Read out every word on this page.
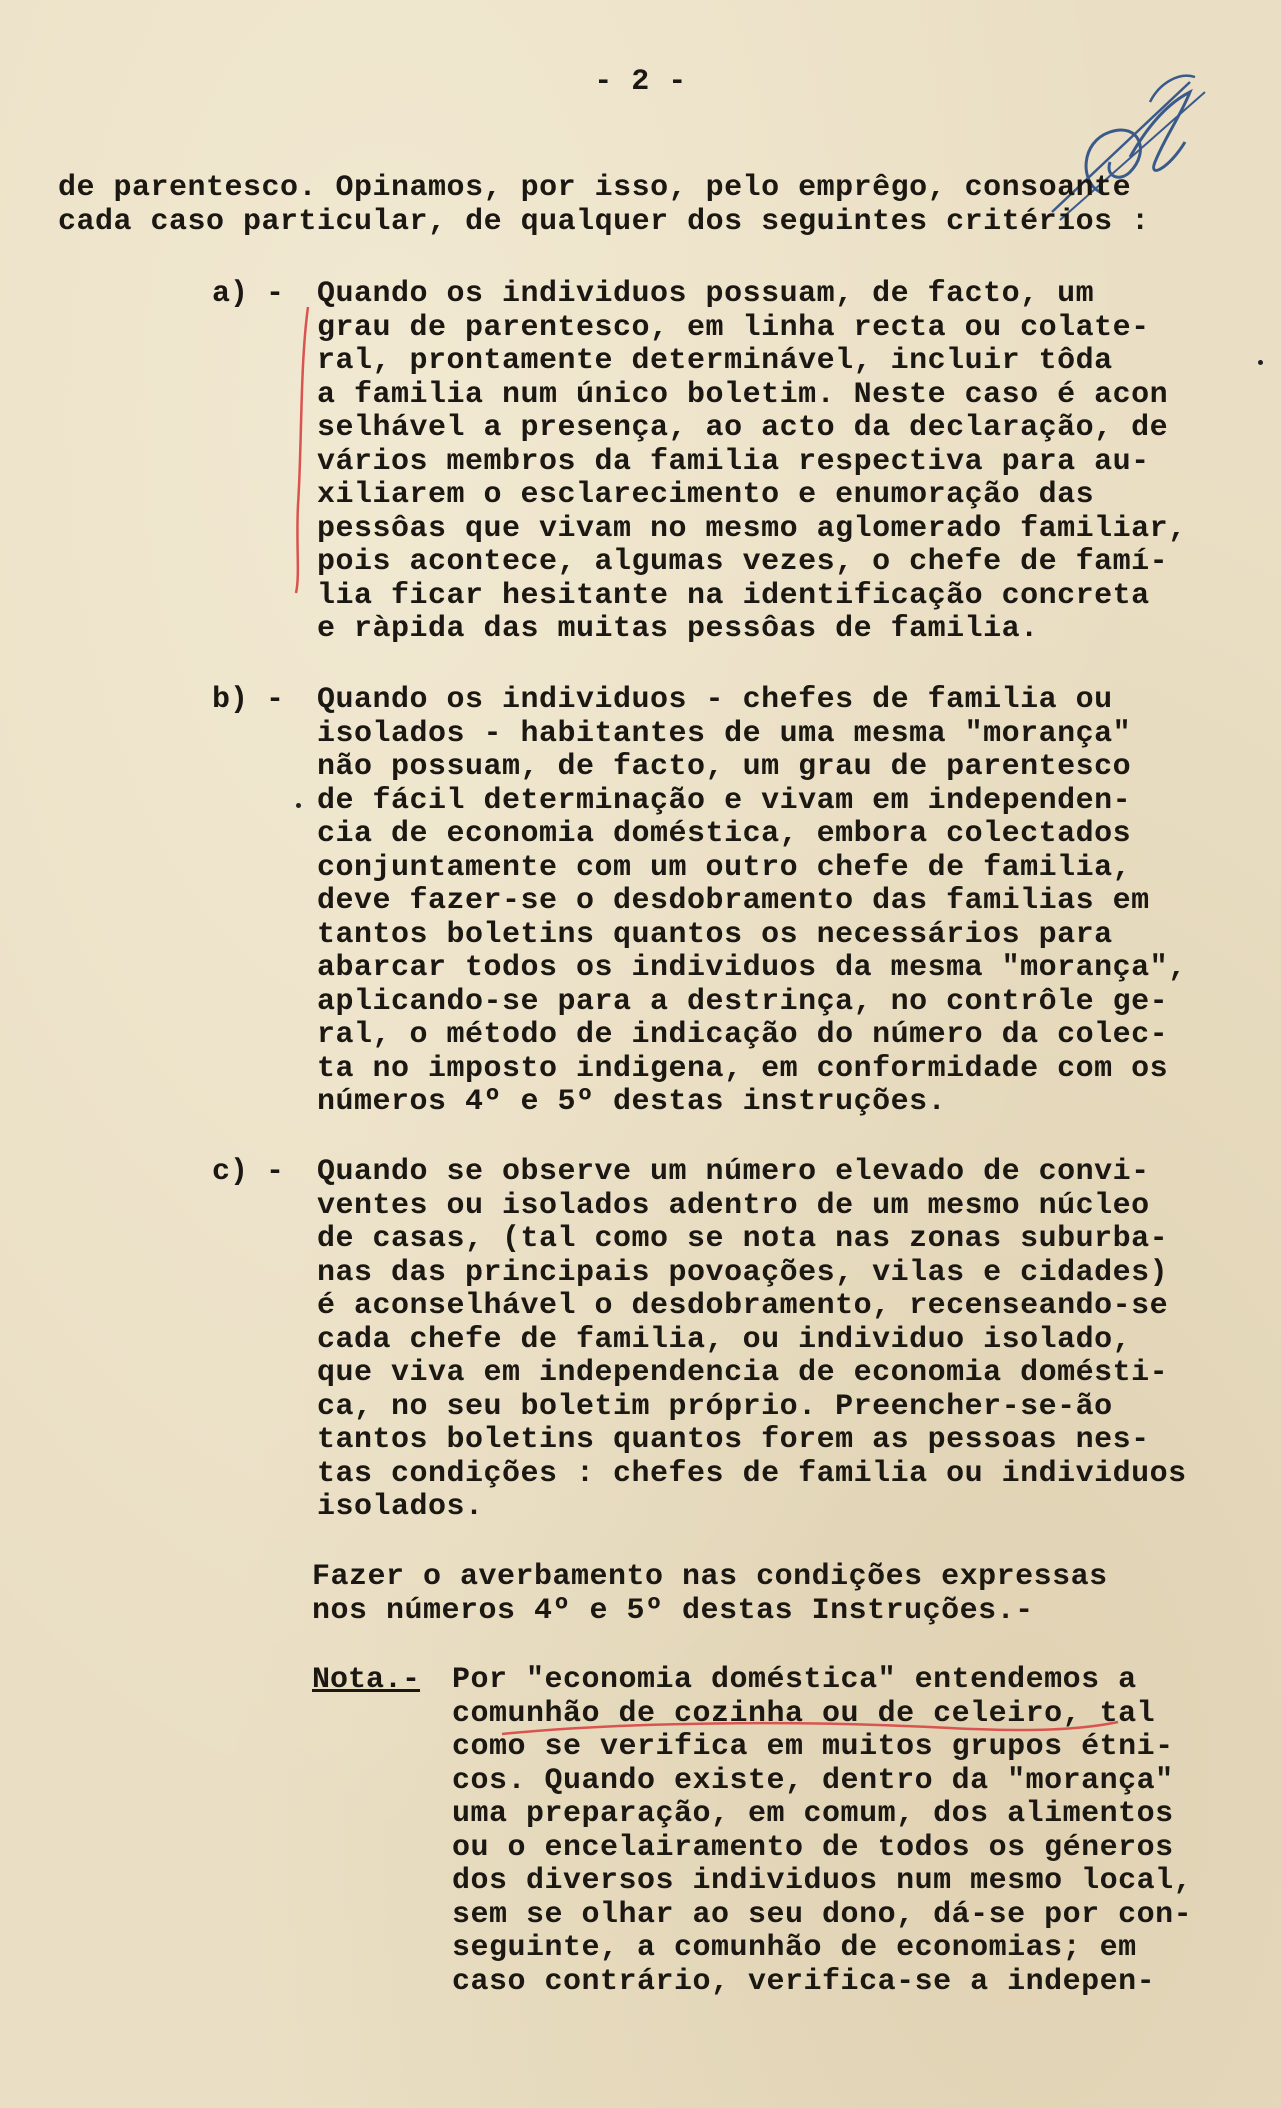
- 2 -
de parentesco. Opinamos, por isso, pelo emprêgo, consoante
cada caso particular, de qualquer dos seguintes critérios :
a) - Quando os individuos possuam, de facto, um
grau de parentesco, em linha recta ou colate-
ral, prontamente determinável, incluir tôda
a familia num único boletim. Neste caso é acon
selhável a presença, ao acto da declaração, de
vários membros da familia respectiva para au-
xiliarem o esclarecimento e enumoração das
pessôas que vivam no mesmo aglomerado familiar,
pois acontece, algumas vezes, o chefe de famí-
lia ficar hesitante na identificação concreta
e ràpida das muitas pessôas de familia.
b) - Quando os individuos - chefes de familia ou
isolados - habitantes de uma mesma "morança"
não possuam, de facto, um grau de parentesco
de fácil determinação e vivam em independen-
cia de economia doméstica, embora colectados
conjuntamente com um outro chefe de familia,
deve fazer-se o desdobramento das familias em
tantos boletins quantos os necessários para
abarcar todos os individuos da mesma "morança",
aplicando-se para a destrinça, no contrôle ge-
ral, o método de indicação do número da colec-
ta no imposto indigena, em conformidade com os
números 4º e 5º destas instruções.
c) - Quando se observe um número elevado de convi-
ventes ou isolados adentro de um mesmo núcleo
de casas, (tal como se nota nas zonas suburba-
nas das principais povoações, vilas e cidades)
é aconselhável o desdobramento, recenseando-se
cada chefe de familia, ou individuo isolado,
que viva em independencia de economia domésti-
ca, no seu boletim próprio. Preencher-se-ão
tantos boletins quantos forem as pessoas nes-
tas condições : chefes de familia ou individuos
isolados.
Fazer o averbamento nas condições expressas
nos números 4º e 5º destas Instruções.-
Nota.- Por "economia doméstica" entendemos a
comunhão de cozinha ou de celeiro, tal
como se verifica em muitos grupos étni-
cos. Quando existe, dentro da "morança"
uma preparação, em comum, dos alimentos
ou o encelairamento de todos os géneros
dos diversos individuos num mesmo local,
sem se olhar ao seu dono, dá-se por con-
seguinte, a comunhão de economias; em
caso contrário, verifica-se a indepen-
